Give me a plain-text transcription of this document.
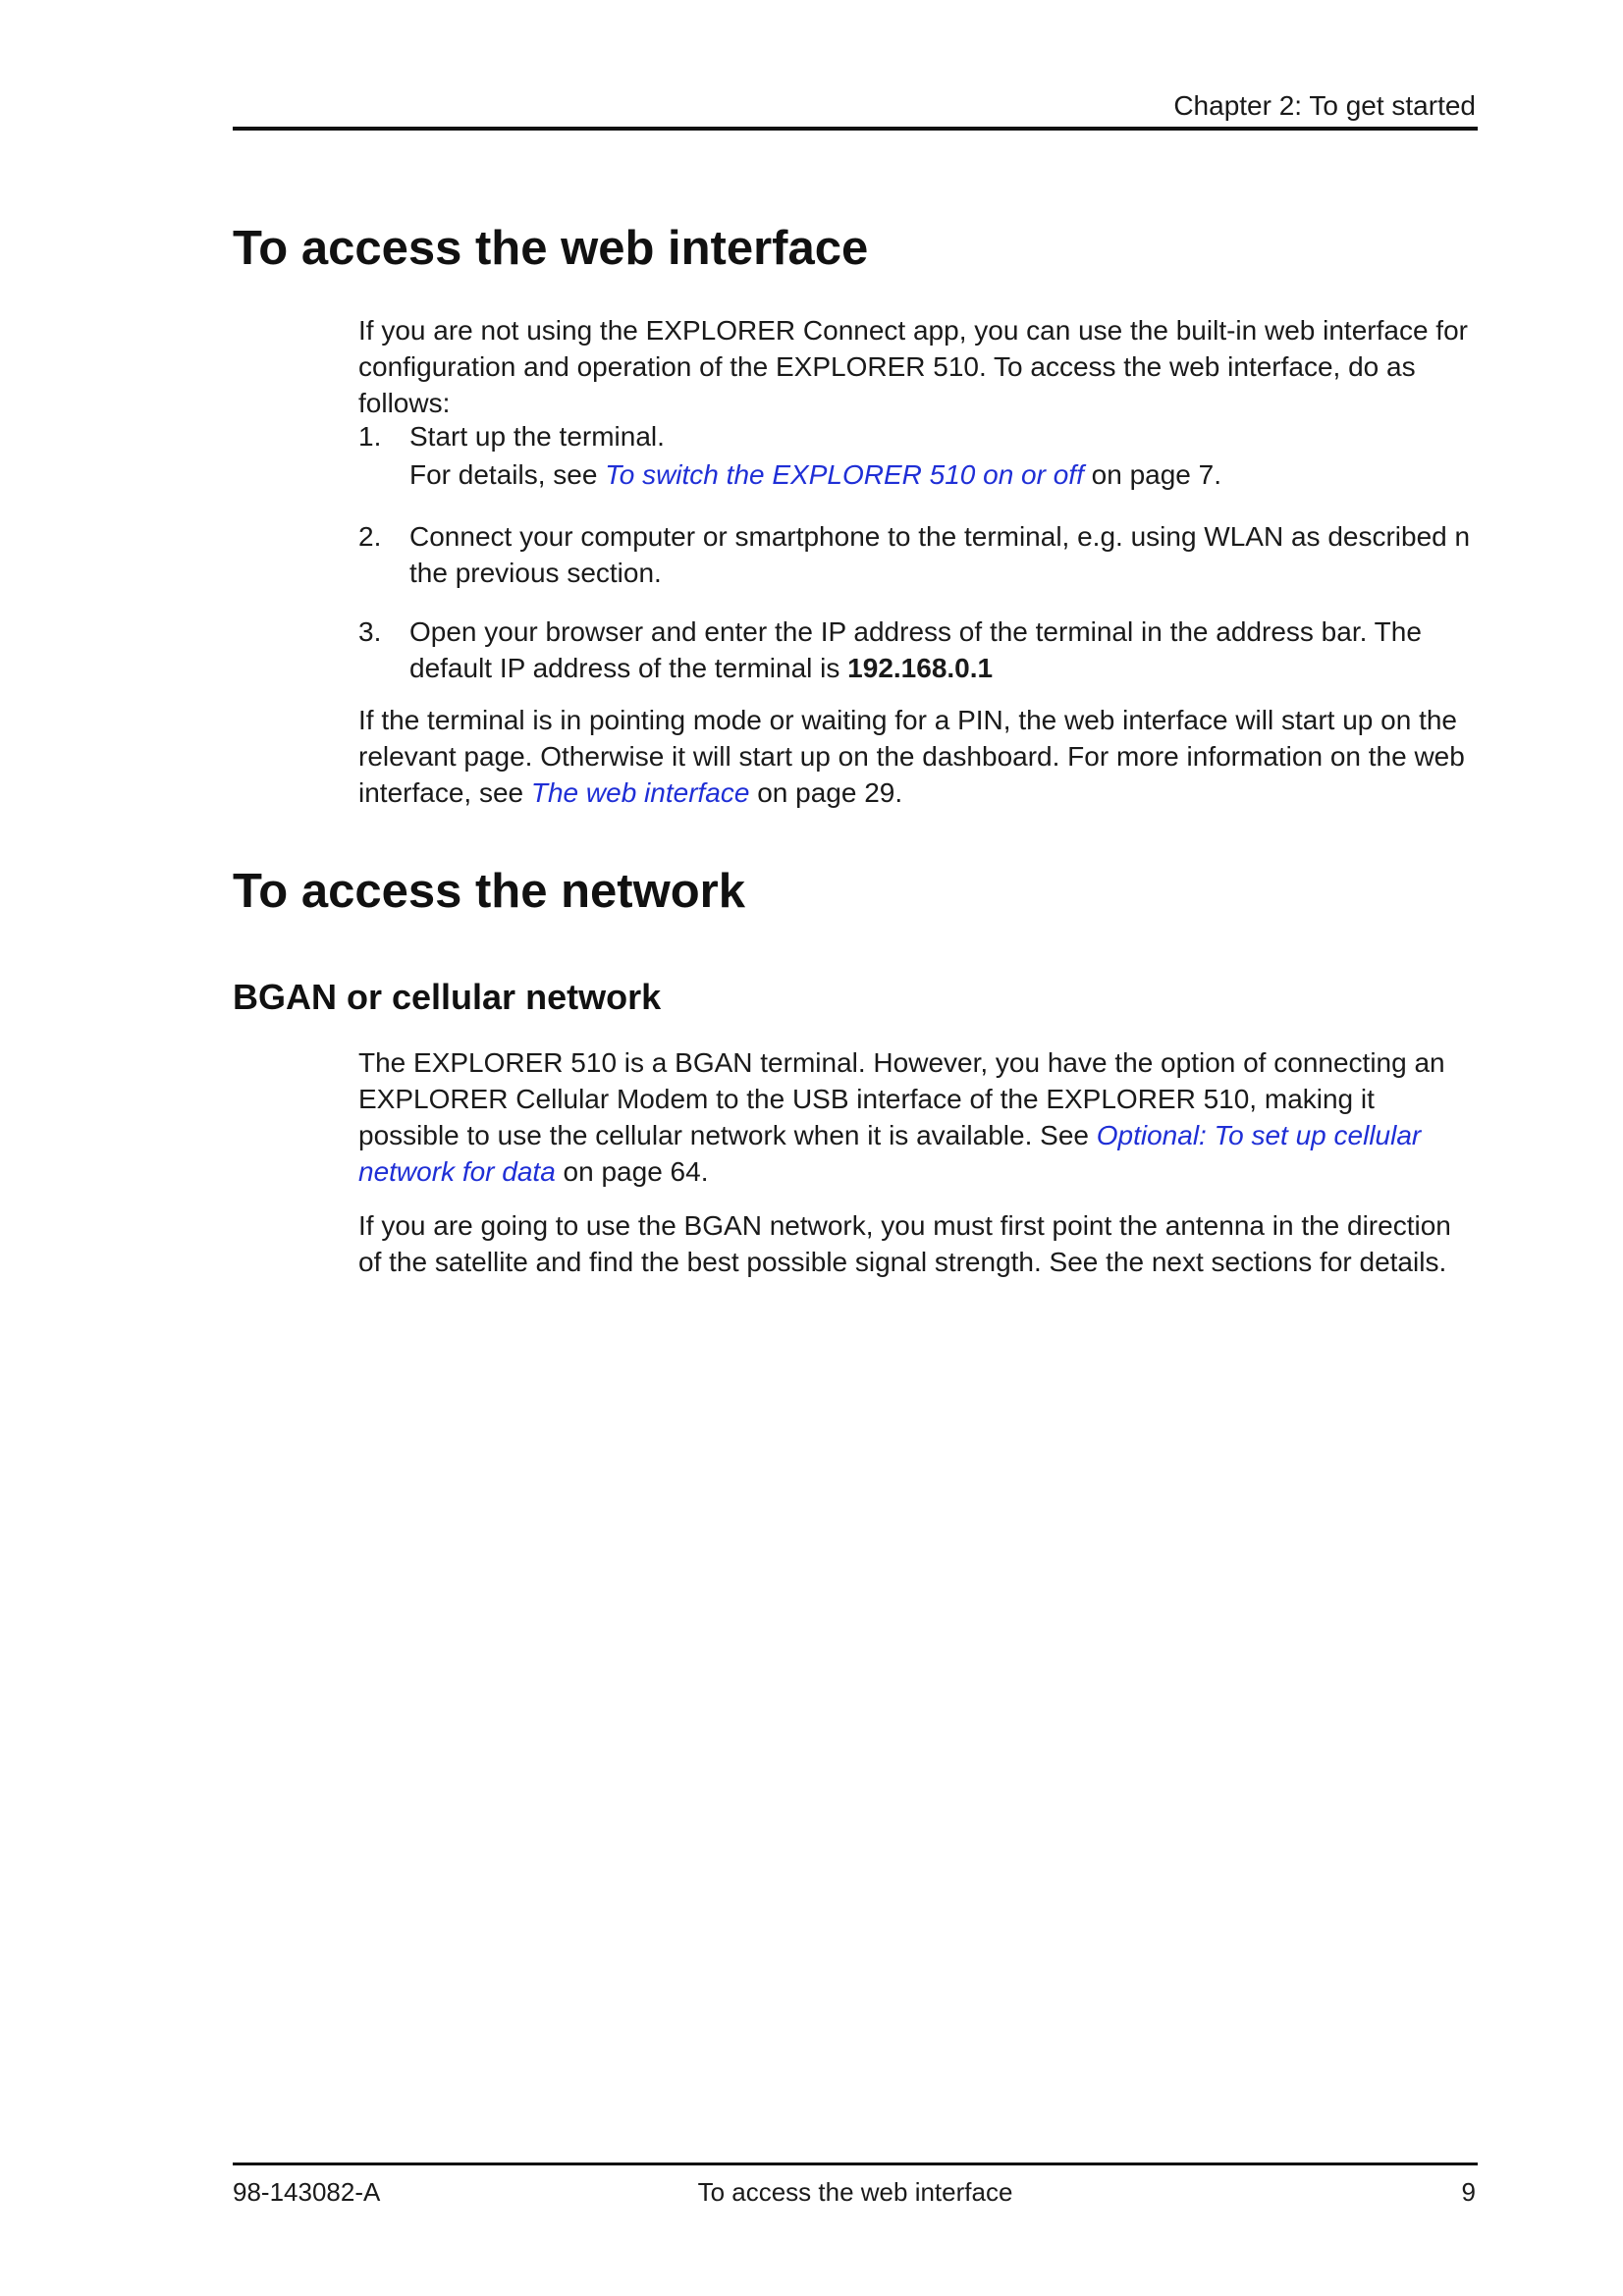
Chapter 2: To get started
To access the web interface

If you are not using the EXPLORER Connect app, you can use the built-in web interface for configuration and operation of the EXPLORER 510. To access the web interface, do as follows:

1. Start up the terminal.
For details, see To switch the EXPLORER 510 on or off on page 7.
2. Connect your computer or smartphone to the terminal, e.g. using WLAN as described n the previous section.
3. Open your browser and enter the IP address of the terminal in the address bar. The default IP address of the terminal is 192.168.0.1

If the terminal is in pointing mode or waiting for a PIN, the web interface will start up on the relevant page. Otherwise it will start up on the dashboard. For more information on the web interface, see The web interface on page 29.

To access the network
BGAN or cellular network

The EXPLORER 510 is a BGAN terminal. However, you have the option of connecting an EXPLORER Cellular Modem to the USB interface of the EXPLORER 510, making it possible to use the cellular network when it is available. See Optional: To set up cellular network for data on page 64.

If you are going to use the BGAN network, you must first point the antenna in the direction of the satellite and find the best possible signal strength. See the next sections for details.

98-143082-A	To access the web interface	9
